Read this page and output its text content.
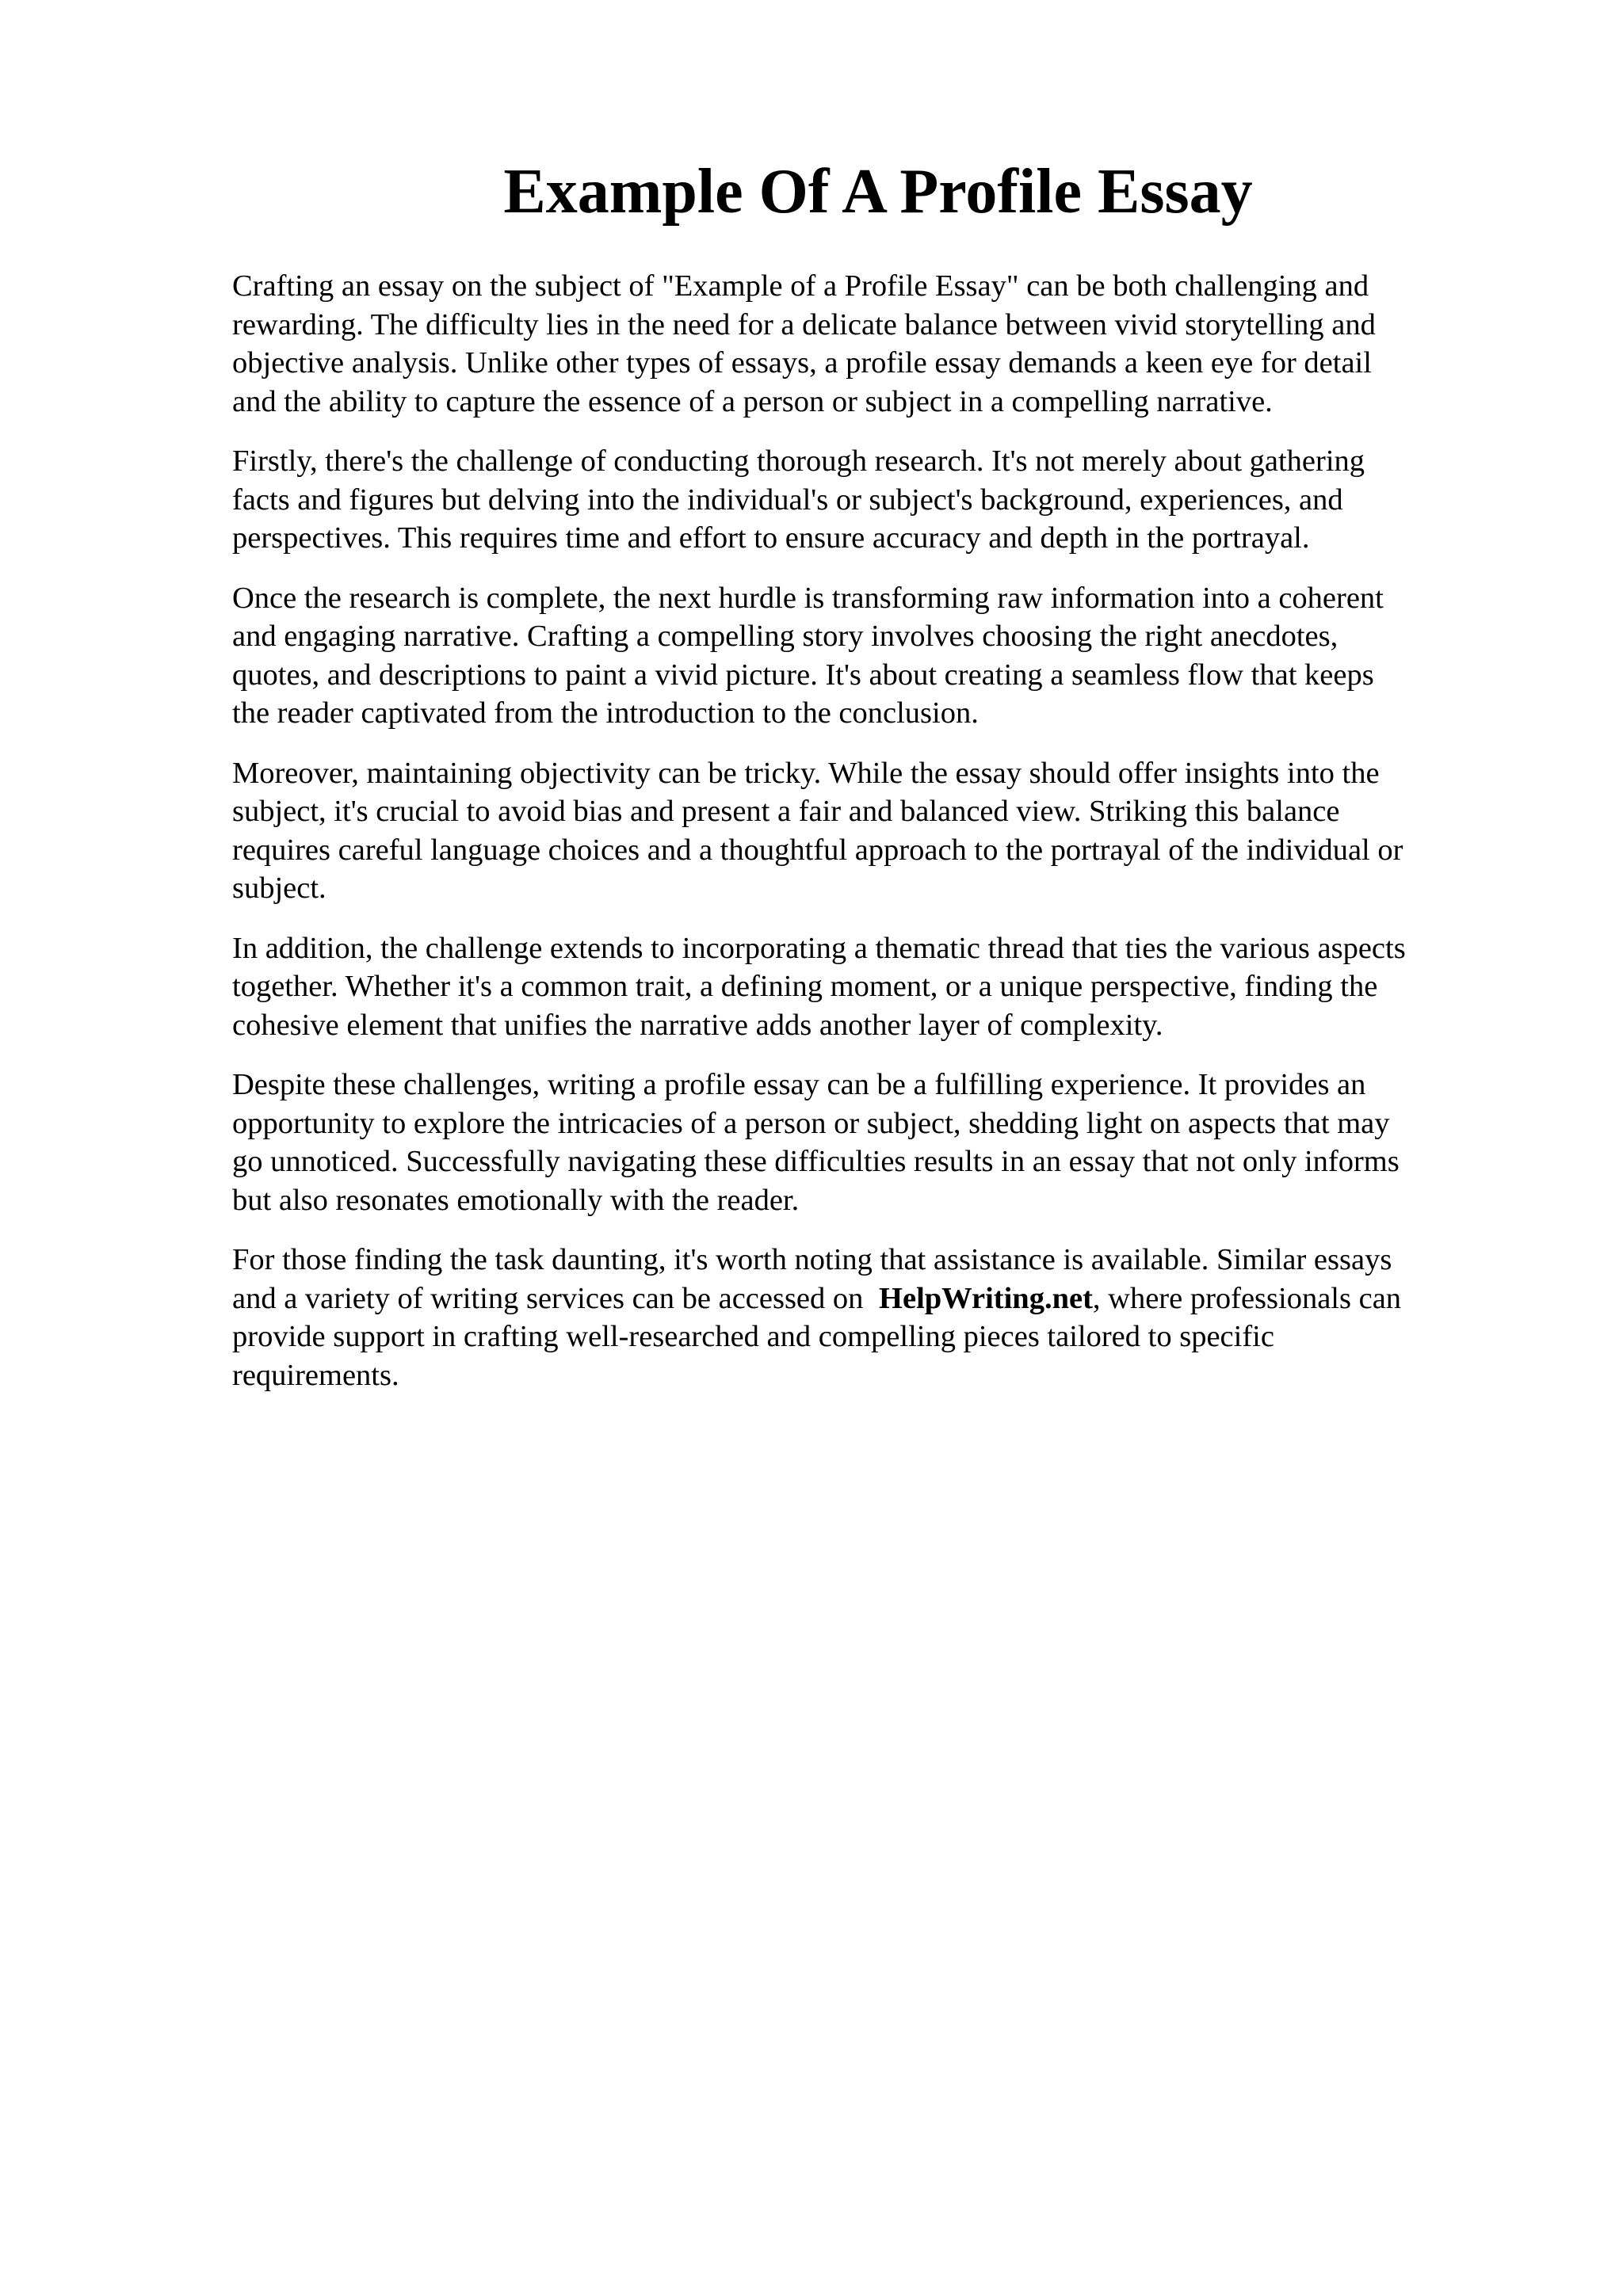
Example Of A Profile Essay

Crafting an essay on the subject of "Example of a Profile Essay" can be both challenging and
rewarding. The difficulty lies in the need for a delicate balance between vivid storytelling and
objective analysis. Unlike other types of essays, a profile essay demands a keen eye for detail
and the ability to capture the essence of a person or subject in a compelling narrative.

Firstly, there's the challenge of conducting thorough research. It's not merely about gathering
facts and figures but delving into the individual's or subject's background, experiences, and
perspectives. This requires time and effort to ensure accuracy and depth in the portrayal.

Once the research is complete, the next hurdle is transforming raw information into a coherent
and engaging narrative. Crafting a compelling story involves choosing the right anecdotes,
quotes, and descriptions to paint a vivid picture. It's about creating a seamless flow that keeps
the reader captivated from the introduction to the conclusion.

Moreover, maintaining objectivity can be tricky. While the essay should offer insights into the
subject, it's crucial to avoid bias and present a fair and balanced view. Striking this balance
requires careful language choices and a thoughtful approach to the portrayal of the individual or
subject.

In addition, the challenge extends to incorporating a thematic thread that ties the various aspects
together. Whether it's a common trait, a defining moment, or a unique perspective, finding the
cohesive element that unifies the narrative adds another layer of complexity.

Despite these challenges, writing a profile essay can be a fulfilling experience. It provides an
opportunity to explore the intricacies of a person or subject, shedding light on aspects that may
go unnoticed. Successfully navigating these difficulties results in an essay that not only informs
but also resonates emotionally with the reader.

For those finding the task daunting, it's worth noting that assistance is available. Similar essays
and a variety of writing services can be accessed on HelpWriting.net, where professionals can
provide support in crafting well-researched and compelling pieces tailored to specific
requirements.
